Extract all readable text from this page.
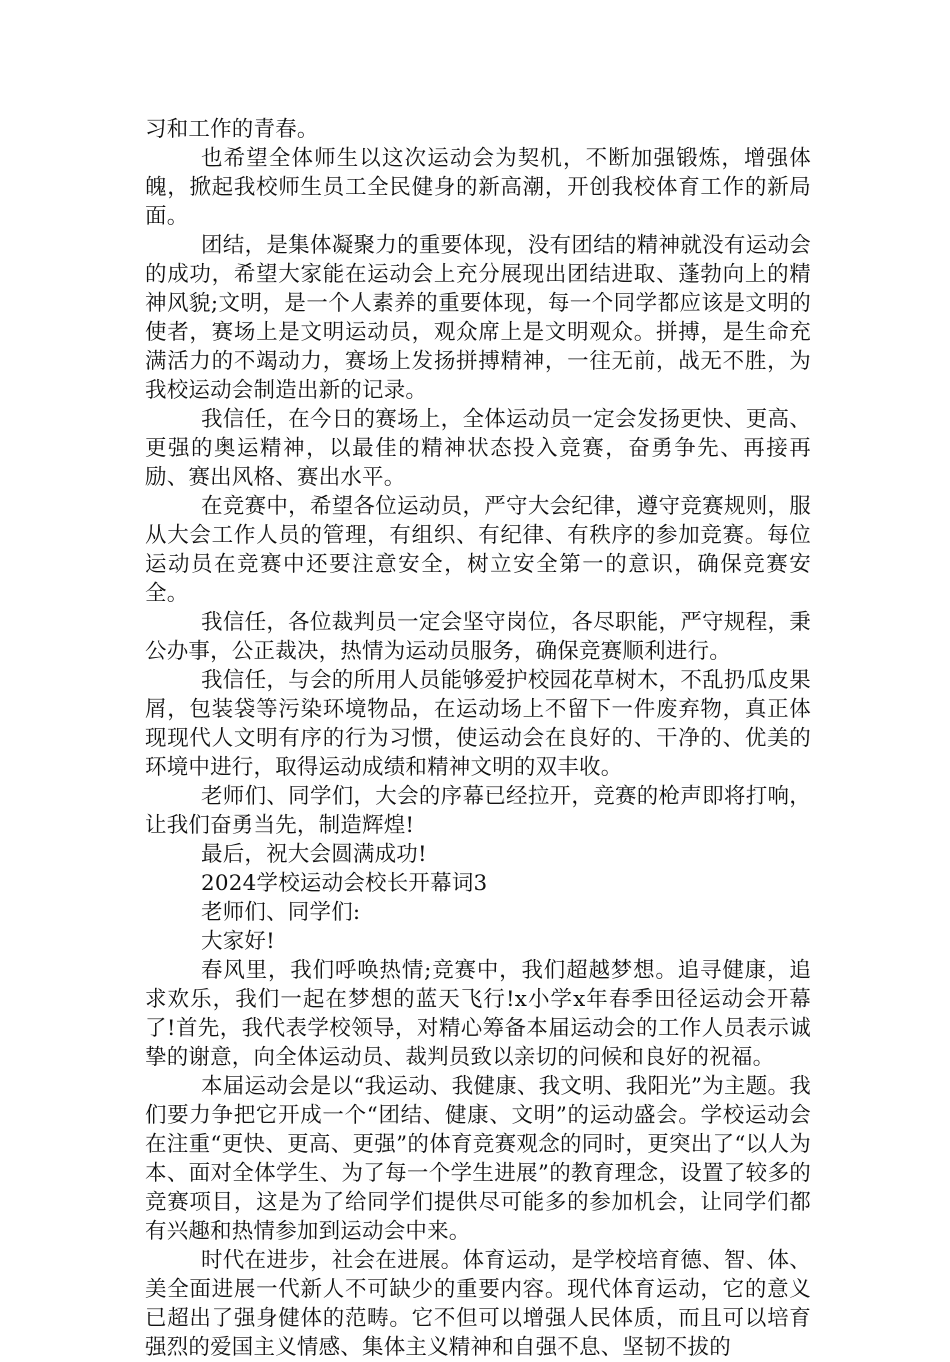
习和工作的青春。

也希望全体师生以这次运动会为契机，不断加强锻炼，增强体魄，掀起我校师生员工全民健身的新高潮，开创我校体育工作的新局面。

团结，是集体凝聚力的重要体现，没有团结的精神就没有运动会的成功，希望大家能在运动会上充分展现出团结进取、蓬勃向上的精神风貌;文明，是一个人素养的重要体现，每一个同学都应该是文明的使者，赛场上是文明运动员，观众席上是文明观众。拼搏，是生命充满活力的不竭动力，赛场上发扬拼搏精神，一往无前，战无不胜，为我校运动会制造出新的记录。

我信任，在今日的赛场上，全体运动员一定会发扬更快、更高、更强的奥运精神，以最佳的精神状态投入竞赛，奋勇争先、再接再励、赛出风格、赛出水平。

在竞赛中，希望各位运动员，严守大会纪律，遵守竞赛规则，服从大会工作人员的管理，有组织、有纪律、有秩序的参加竞赛。每位运动员在竞赛中还要注意安全，树立安全第一的意识，确保竞赛安全。

我信任，各位裁判员一定会坚守岗位，各尽职能，严守规程，秉公办事，公正裁决，热情为运动员服务，确保竞赛顺利进行。

我信任，与会的所用人员能够爱护校园花草树木，不乱扔瓜皮果屑，包装袋等污染环境物品，在运动场上不留下一件废弃物，真正体现现代人文明有序的行为习惯，使运动会在良好的、干净的、优美的环境中进行，取得运动成绩和精神文明的双丰收。

老师们、同学们，大会的序幕已经拉开，竞赛的枪声即将打响，让我们奋勇当先，制造辉煌!

最后，祝大会圆满成功!

2024学校运动会校长开幕词3

老师们、同学们:

大家好!

春风里，我们呼唤热情;竞赛中，我们超越梦想。追寻健康，追求欢乐，我们一起在梦想的蓝天飞行!x小学x年春季田径运动会开幕了!首先，我代表学校领导，对精心筹备本届运动会的工作人员表示诚挚的谢意，向全体运动员、裁判员致以亲切的问候和良好的祝福。

本届运动会是以“我运动、我健康、我文明、我阳光”为主题。我们要力争把它开成一个“团结、健康、文明”的运动盛会。学校运动会在注重“更快、更高、更强”的体育竞赛观念的同时，更突出了“以人为本、面对全体学生、为了每一个学生进展”的教育理念，设置了较多的竞赛项目，这是为了给同学们提供尽可能多的参加机会，让同学们都有兴趣和热情参加到运动会中来。

时代在进步，社会在进展。体育运动，是学校培育德、智、体、美全面进展一代新人不可缺少的重要内容。现代体育运动，它的意义已超出了强身健体的范畴。它不但可以增强人民体质，而且可以培育强烈的爱国主义情感、集体主义精神和自强不息、坚韧不拔的
